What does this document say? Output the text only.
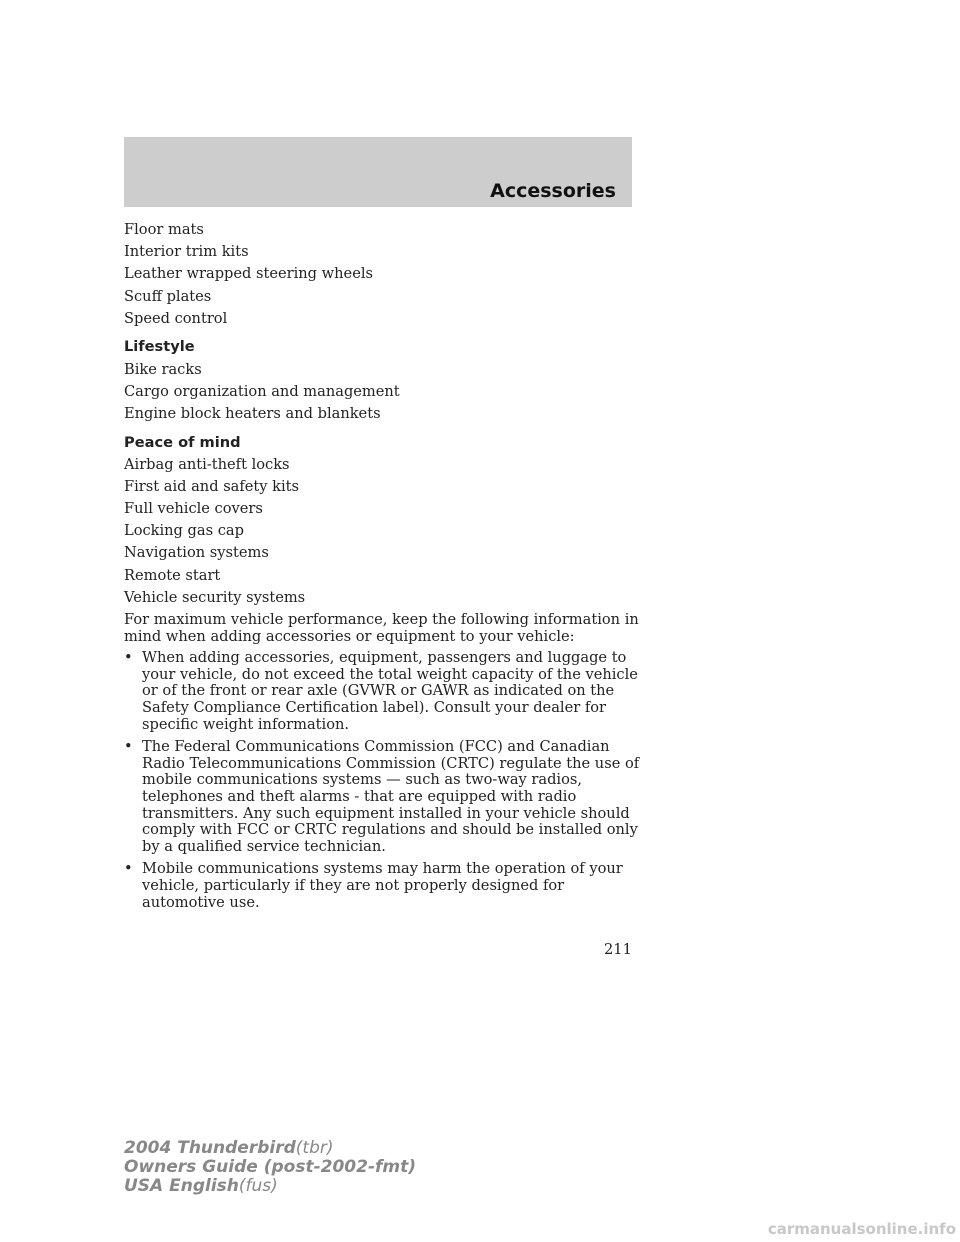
Accessories
Floor mats
Interior trim kits
Leather wrapped steering wheels
Scuff plates
Speed control
Lifestyle
Bike racks
Cargo organization and management
Engine block heaters and blankets
Peace of mind
Airbag anti-theft locks
First aid and safety kits
Full vehicle covers
Locking gas cap
Navigation systems
Remote start
Vehicle security systems
For maximum vehicle performance, keep the following information in mind when adding accessories or equipment to your vehicle:
• When adding accessories, equipment, passengers and luggage to your vehicle, do not exceed the total weight capacity of the vehicle or of the front or rear axle (GVWR or GAWR as indicated on the Safety Compliance Certification label). Consult your dealer for specific weight information.
• The Federal Communications Commission (FCC) and Canadian Radio Telecommunications Commission (CRTC) regulate the use of mobile communications systems — such as two-way radios, telephones and theft alarms - that are equipped with radio transmitters. Any such equipment installed in your vehicle should comply with FCC or CRTC regulations and should be installed only by a qualified service technician.
• Mobile communications systems may harm the operation of your vehicle, particularly if they are not properly designed for automotive use.
211
2004 Thunderbird(tbr)
Owners Guide (post-2002-fmt)
USA English(fus)
carmanualsonline.info
